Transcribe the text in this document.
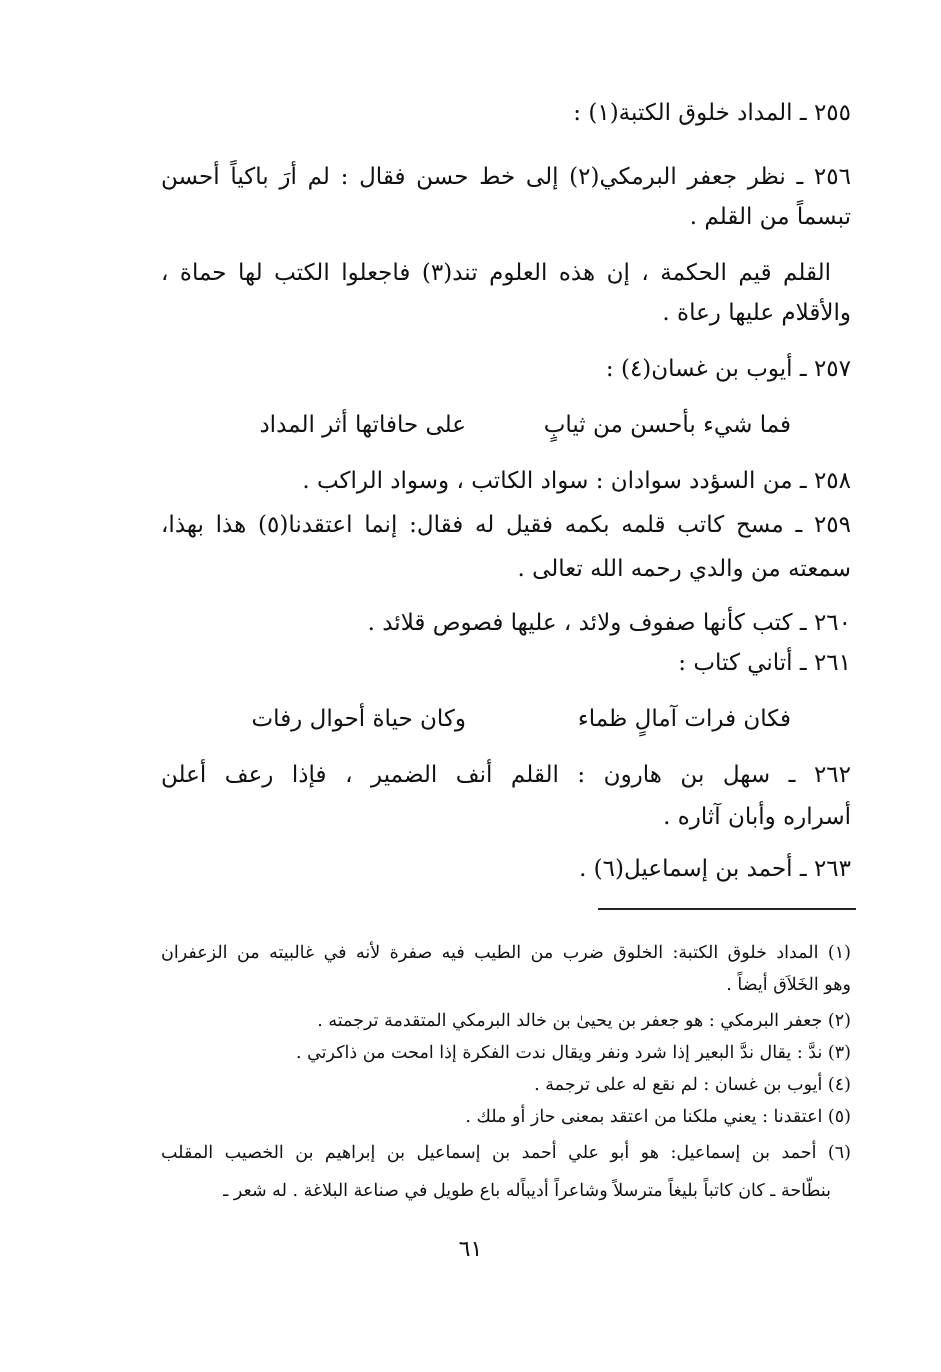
٢٥٥ ـ المداد خلوق الكتبة(١) :
٢٥٦ ـ نظر جعفر البرمكي(٢) إلى خط حسن فقال : لم أرَ باكياً أحسن
تبسماً من القلم .
القلم قيم الحكمة ، إن هذه العلوم تند(٣) فاجعلوا الكتب لها حماة ،
والأقلام عليها رعاة .
٢٥٧ ـ أيوب بن غسان(٤) :
فما شيء بأحسن من ثيابٍ
على حافاتها أثر المداد
٢٥٨ ـ من السؤدد سوادان : سواد الكاتب ، وسواد الراكب .
٢٥٩ ـ مسح كاتب قلمه بكمه فقيل له فقال: إنما اعتقدنا(٥) هذا بهذا،
سمعته من والدي رحمه الله تعالى .
٢٦٠ ـ كتب كأنها صفوف ولائد ، عليها فصوص قلائد .
٢٦١ ـ أتاني كتاب :
فكان فرات آمالٍ ظماء
وكان حياة أحوال رفات
٢٦٢ ـ سهل بن هارون : القلم أنف الضمير ، فإذا رعف أعلن
أسراره وأبان آثاره .
٢٦٣ ـ أحمد بن إسماعيل(٦) .
(١) المداد خلوق الكتبة: الخلوق ضرب من الطيب فيه صفرة لأنه في غالبيته من الزعفران
وهو الخَلاَق أيضاً .
(٢) جعفر البرمكي : هو جعفر بن يحيىٰ بن خالد البرمكي المتقدمة ترجمته .
(٣) ندَّ : يقال ندَّ البعير إذا شرد ونفر ويقال ندت الفكرة إذا امحت من ذاكرتي .
(٤) أيوب بن غسان : لم نقع له على ترجمة .
(٥) اعتقدنا : يعني ملكنا من اعتقد بمعنى حاز أو ملك .
(٦) أحمد بن إسماعيل: هو أبو علي أحمد بن إسماعيل بن إبراهيم بن الخصيب المقلب
بنطّاحة ـ كان كاتباً بليغاً مترسلاً وشاعراً أديباًله باع طويل في صناعة البلاغة . له شعر ـ
٦١
